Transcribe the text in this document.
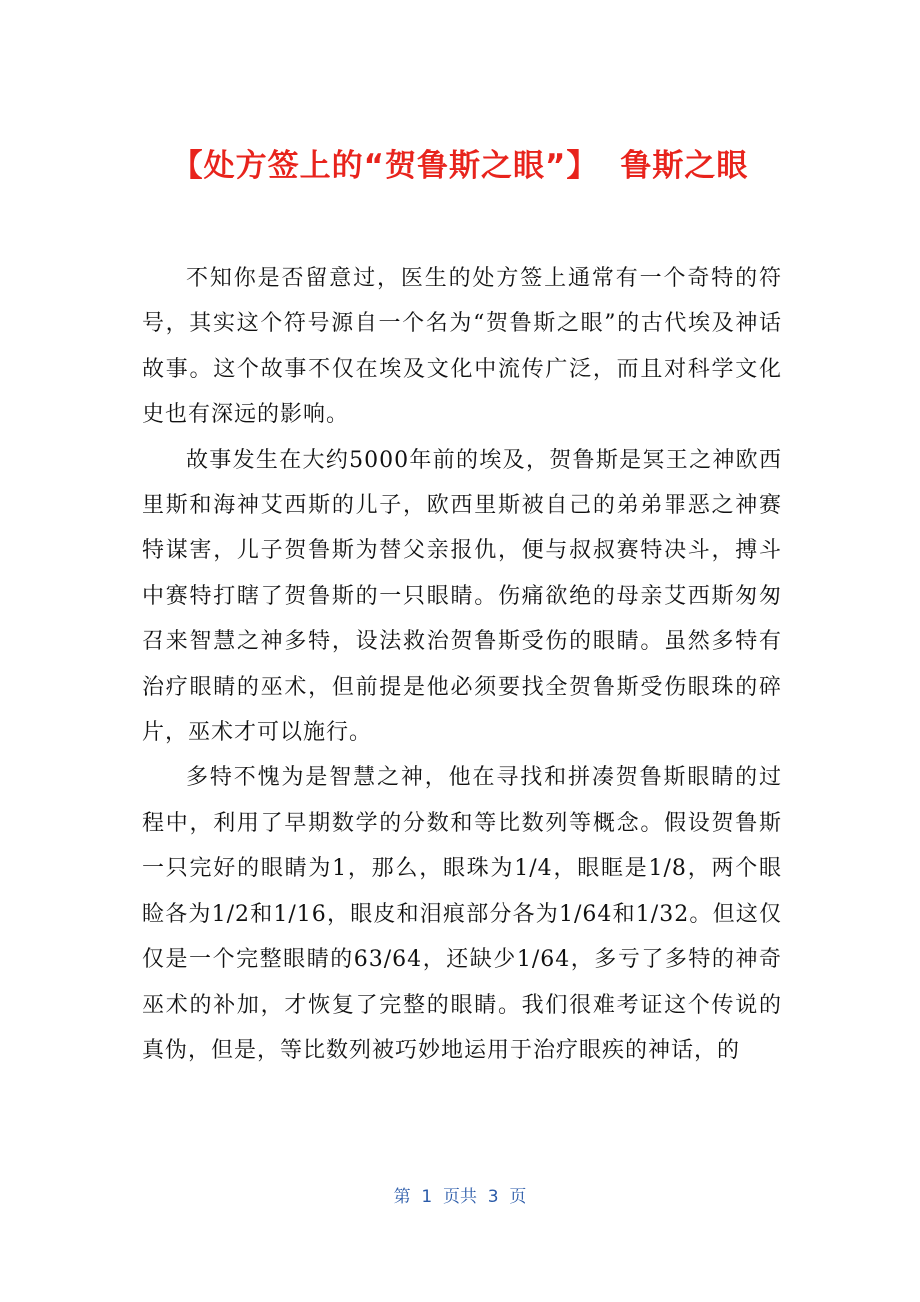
【处方签上的“贺鲁斯之眼”】 鲁斯之眼

不知你是否留意过，医生的处方签上通常有一个奇特的符号，其实这个符号源自一个名为“贺鲁斯之眼”的古代埃及神话故事。这个故事不仅在埃及文化中流传广泛，而且对科学文化史也有深远的影响。

故事发生在大约5000年前的埃及，贺鲁斯是冥王之神欧西里斯和海神艾西斯的儿子，欧西里斯被自己的弟弟罪恶之神赛特谋害，儿子贺鲁斯为替父亲报仇，便与叔叔赛特决斗，搏斗中赛特打瞎了贺鲁斯的一只眼睛。伤痛欲绝的母亲艾西斯匆匆召来智慧之神多特，设法救治贺鲁斯受伤的眼睛。虽然多特有治疗眼睛的巫术，但前提是他必须要找全贺鲁斯受伤眼珠的碎片，巫术才可以施行。

多特不愧为是智慧之神，他在寻找和拼凑贺鲁斯眼睛的过程中，利用了早期数学的分数和等比数列等概念。假设贺鲁斯一只完好的眼睛为1，那么，眼珠为1/4，眼眶是1/8，两个眼睑各为1/2和1/16，眼皮和泪痕部分各为1/64和1/32。但这仅仅是一个完整眼睛的63/64，还缺少1/64，多亏了多特的神奇巫术的补加，才恢复了完整的眼睛。我们很难考证这个传说的真伪，但是，等比数列被巧妙地运用于治疗眼疾的神话，的

第  1  页共  3  页
